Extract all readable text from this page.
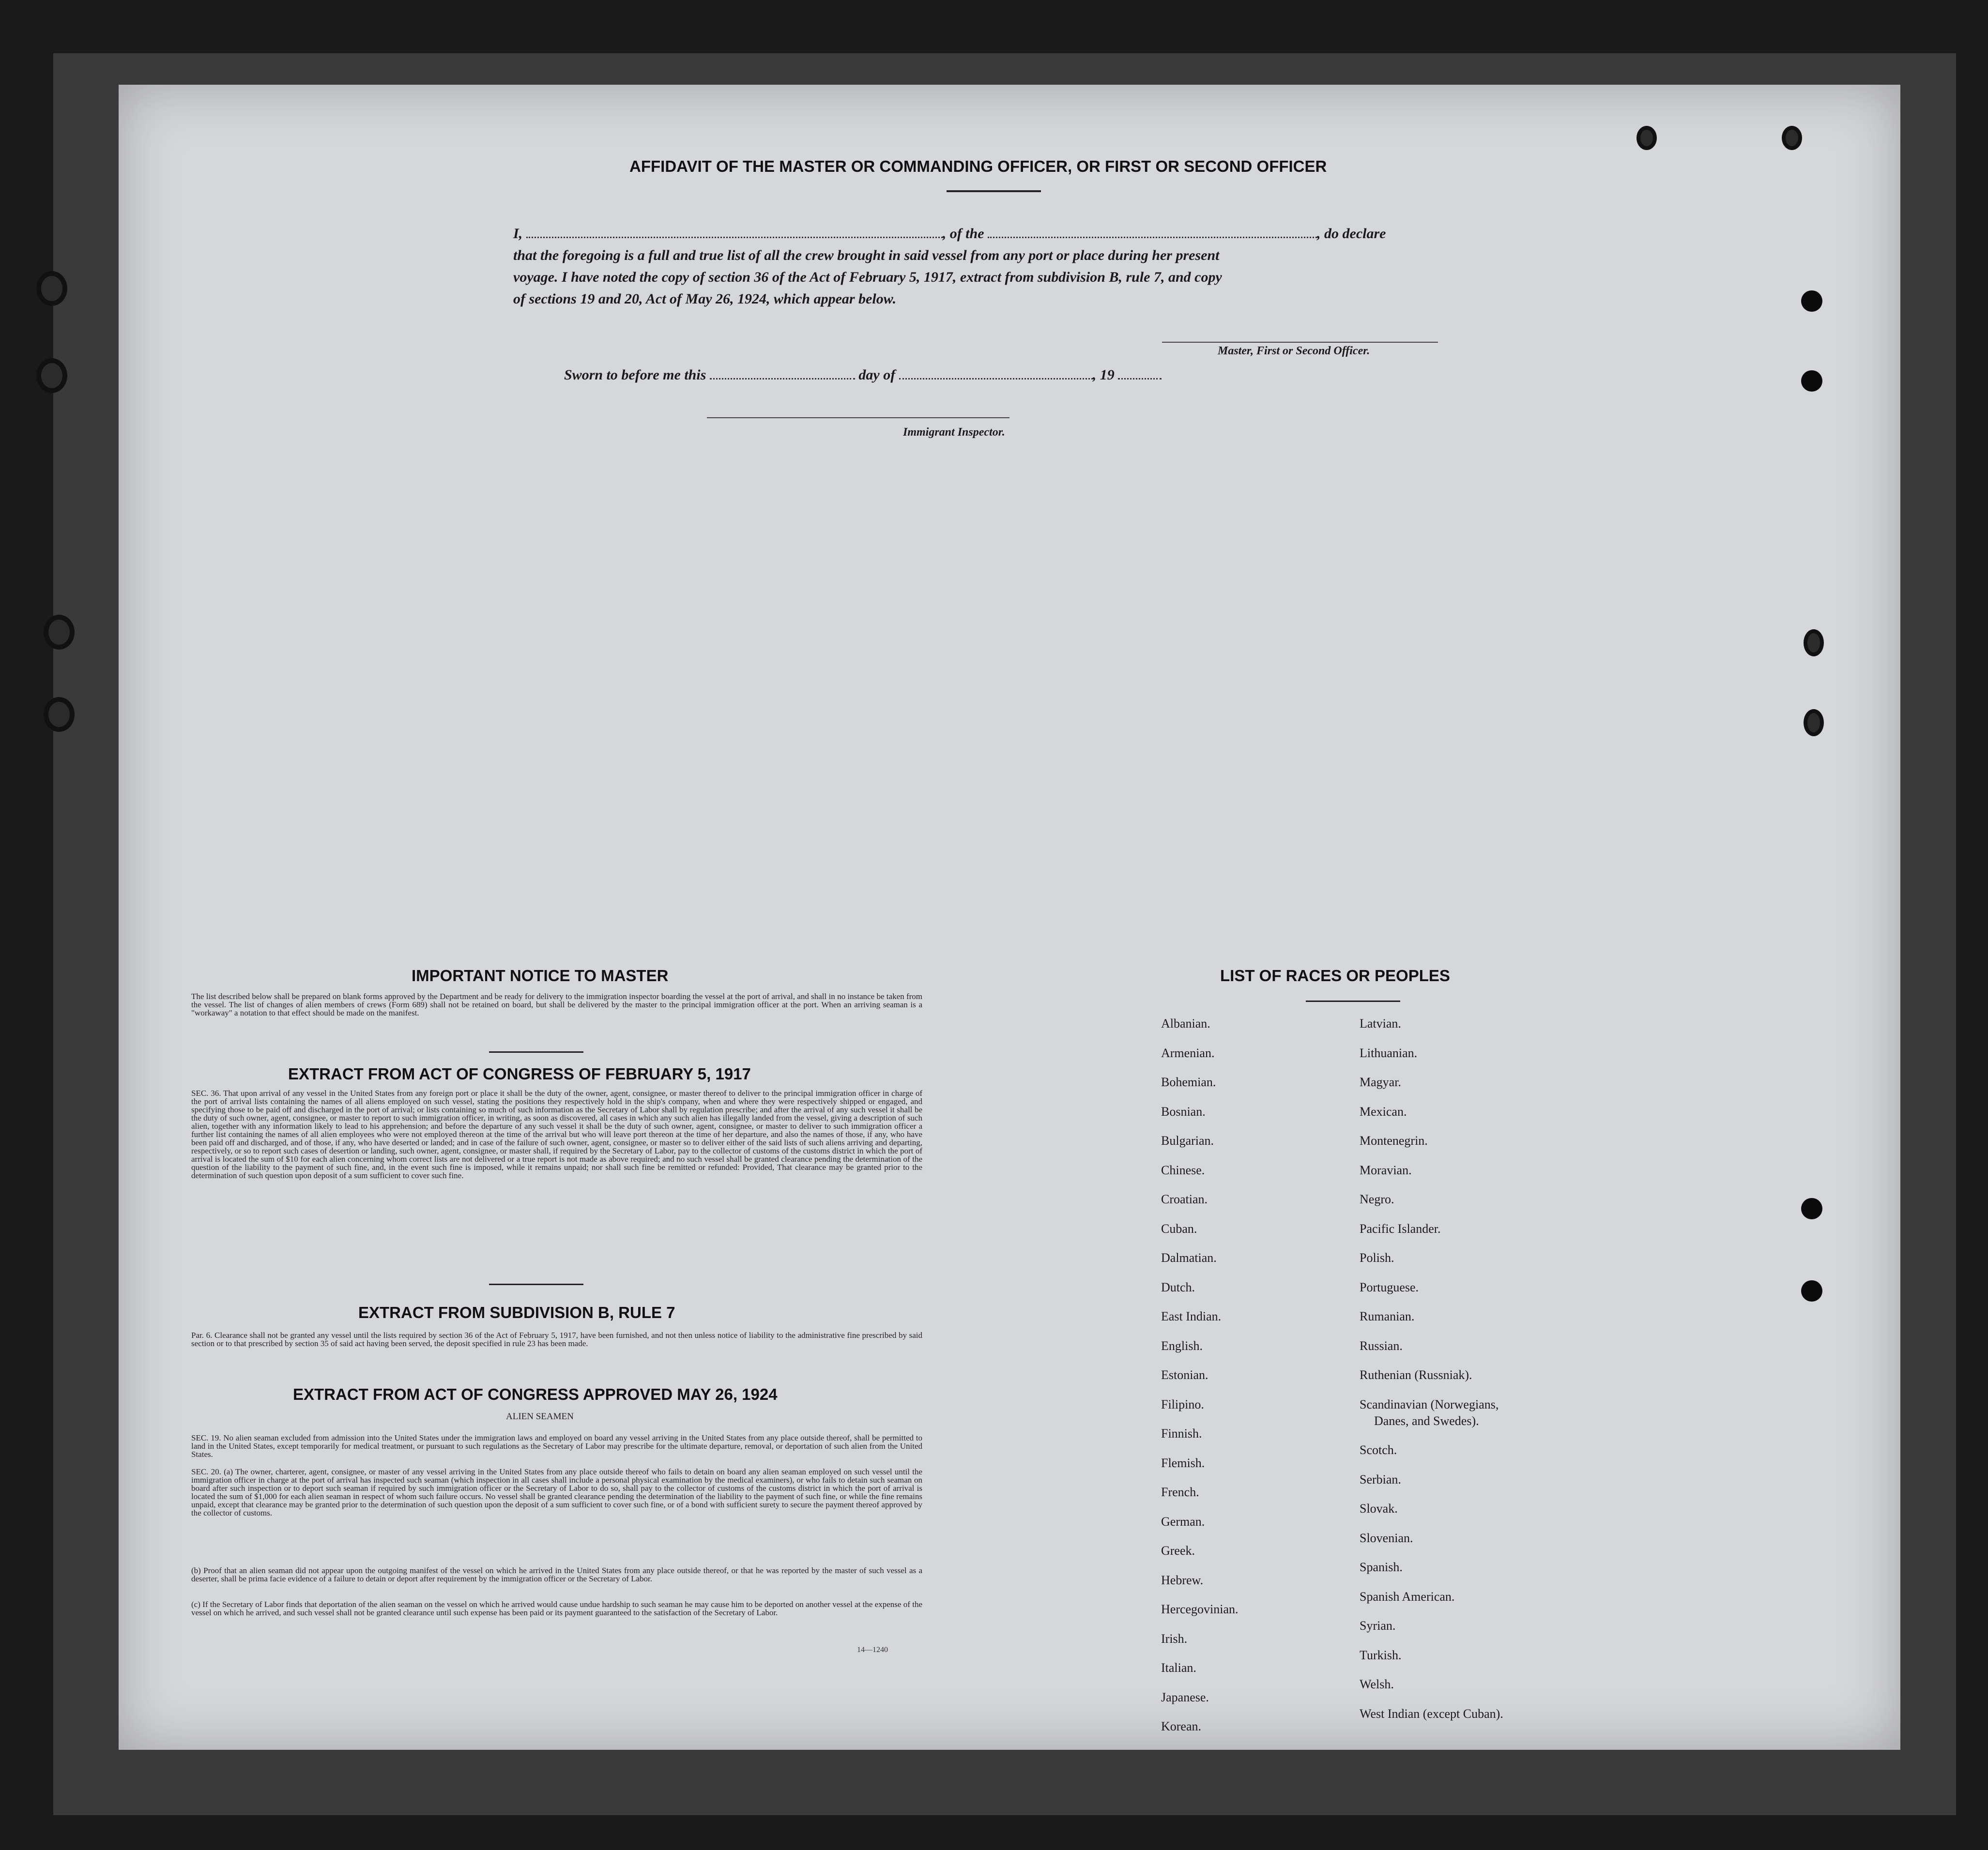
AFFIDAVIT OF THE MASTER OR COMMANDING OFFICER, OR FIRST OR SECOND OFFICER
I,	, of the	, do declare
that the foregoing is a full and true list of all the crew brought in said vessel from any port or place during her present
voyage. I have noted the copy of section 36 of the Act of February 5, 1917, extract from subdivision B, rule 7, and copy
of sections 19 and 20, Act of May 26, 1924, which appear below.
Master, First or Second Officer.
Sworn to before me this	day of	, 19
Immigrant Inspector.
IMPORTANT NOTICE TO MASTER
The list described below shall be prepared on blank forms approved by the Department and be ready for delivery to the immigration inspector boarding the vessel at the port of arrival, and shall in no instance be taken from the vessel. The list of changes of alien members of crews (Form 689) shall not be retained on board, but shall be delivered by the master to the principal immigration officer at the port. When an arriving seaman is a "workaway" a notation to that effect should be made on the manifest.
EXTRACT FROM ACT OF CONGRESS OF FEBRUARY 5, 1917
SEC. 36. That upon arrival of any vessel in the United States from any foreign port or place it shall be the duty of the owner, agent, consignee, or master thereof to deliver to the principal immigration officer in charge of the port of arrival lists containing the names of all aliens employed on such vessel, stating the positions they respectively hold in the ship's company, when and where they were respectively shipped or engaged, and specifying those to be paid off and discharged in the port of arrival; or lists containing so much of such information as the Secretary of Labor shall by regulation prescribe; and after the arrival of any such vessel it shall be the duty of such owner, agent, consignee, or master to report to such immigration officer, in writing, as soon as discovered, all cases in which any such alien has illegally landed from the vessel, giving a description of such alien, together with any information likely to lead to his apprehension; and before the departure of any such vessel it shall be the duty of such owner, agent, consignee, or master to deliver to such immigration officer a further list containing the names of all alien employees who were not employed thereon at the time of the arrival but who will leave port thereon at the time of her departure, and also the names of those, if any, who have been paid off and discharged, and of those, if any, who have deserted or landed; and in case of the failure of such owner, agent, consignee, or master so to deliver either of the said lists of such aliens arriving and departing, respectively, or so to report such cases of desertion or landing, such owner, agent, consignee, or master shall, if required by the Secretary of Labor, pay to the collector of customs of the customs district in which the port of arrival is located the sum of $10 for each alien concerning whom correct lists are not delivered or a true report is not made as above required; and no such vessel shall be granted clearance pending the determination of the question of the liability to the payment of such fine, and, in the event such fine is imposed, while it remains unpaid; nor shall such fine be remitted or refunded: Provided, That clearance may be granted prior to the determination of such question upon deposit of a sum sufficient to cover such fine.
EXTRACT FROM SUBDIVISION B, RULE 7
Par. 6. Clearance shall not be granted any vessel until the lists required by section 36 of the Act of February 5, 1917, have been furnished, and not then unless notice of liability to the administrative fine prescribed by said section or to that prescribed by section 35 of said act having been served, the deposit specified in rule 23 has been made.
EXTRACT FROM ACT OF CONGRESS APPROVED MAY 26, 1924
ALIEN SEAMEN
SEC. 19. No alien seaman excluded from admission into the United States under the immigration laws and employed on board any vessel arriving in the United States from any place outside thereof, shall be permitted to land in the United States, except temporarily for medical treatment, or pursuant to such regulations as the Secretary of Labor may prescribe for the ultimate departure, removal, or deportation of such alien from the United States.
SEC. 20. (a) The owner, charterer, agent, consignee, or master of any vessel arriving in the United States from any place outside thereof who fails to detain on board any alien seaman employed on such vessel until the immigration officer in charge at the port of arrival has inspected such seaman (which inspection in all cases shall include a personal physical examination by the medical examiners), or who fails to detain such seaman on board after such inspection or to deport such seaman if required by such immigration officer or the Secretary of Labor to do so, shall pay to the collector of customs of the customs district in which the port of arrival is located the sum of $1,000 for each alien seaman in respect of whom such failure occurs. No vessel shall be granted clearance pending the determination of the liability to the payment of such fine, or while the fine remains unpaid, except that clearance may be granted prior to the determination of such question upon the deposit of a sum sufficient to cover such fine, or of a bond with sufficient surety to secure the payment thereof approved by the collector of customs.
(b) Proof that an alien seaman did not appear upon the outgoing manifest of the vessel on which he arrived in the United States from any place outside thereof, or that he was reported by the master of such vessel as a deserter, shall be prima facie evidence of a failure to detain or deport after requirement by the immigration officer or the Secretary of Labor.
(c) If the Secretary of Labor finds that deportation of the alien seaman on the vessel on which he arrived would cause undue hardship to such seaman he may cause him to be deported on another vessel at the expense of the vessel on which he arrived, and such vessel shall not be granted clearance until such expense has been paid or its payment guaranteed to the satisfaction of the Secretary of Labor.
14—1240
LIST OF RACES OR PEOPLES
Albanian.
Armenian.
Bohemian.
Bosnian.
Bulgarian.
Chinese.
Croatian.
Cuban.
Dalmatian.
Dutch.
East Indian.
English.
Estonian.
Filipino.
Finnish.
Flemish.
French.
German.
Greek.
Hebrew.
Hercegovinian.
Irish.
Italian.
Japanese.
Korean.
Latvian.
Lithuanian.
Magyar.
Mexican.
Montenegrin.
Moravian.
Negro.
Pacific Islander.
Polish.
Portuguese.
Rumanian.
Russian.
Ruthenian (Russniak).
Scandinavian (Norwegians,
Danes, and Swedes).
Scotch.
Serbian.
Slovak.
Slovenian.
Spanish.
Spanish American.
Syrian.
Turkish.
Welsh.
West Indian (except Cuban).
